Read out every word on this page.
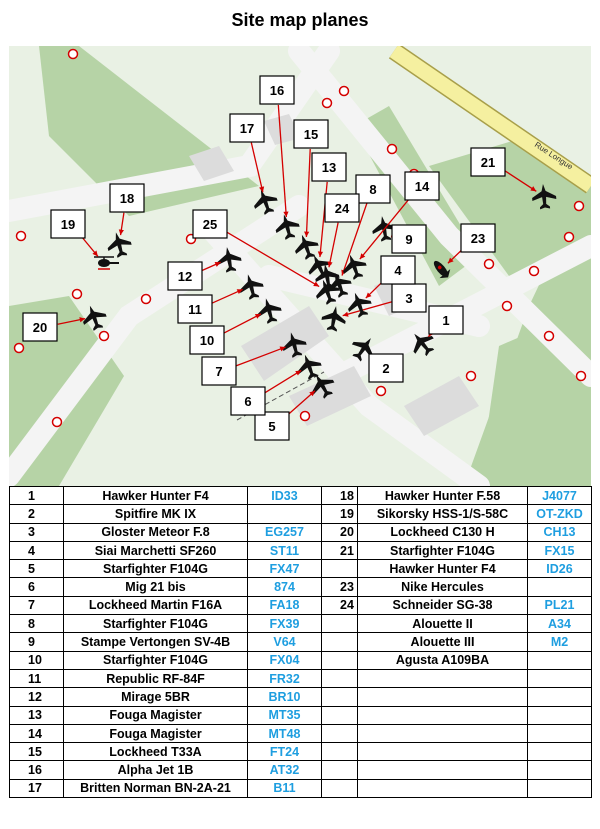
Site map planes
Rue Longue
1
2
3
4
5
6
7
8
9
10
11
12
13
14
15
16
17
18
19
20
21
23
24
25
1	Hawker Hunter F4	ID33	18	Hawker Hunter F.58	J4077
2	Spitfire MK IX		19	Sikorsky HSS-1/S-58C	OT-ZKD
3	Gloster Meteor F.8	EG257	20	Lockheed C130 H	CH13
4	Siai Marchetti SF260	ST11	21	Starfighter F104G	FX15
5	Starfighter F104G	FX47		Hawker Hunter F4	ID26
6	Mig 21 bis	874	23	Nike Hercules	
7	Lockheed Martin F16A	FA18	24	Schneider SG-38	PL21
8	Starfighter F104G	FX39		Alouette II	A34
9	Stampe Vertongen SV-4B	V64		Alouette III	M2
10	Starfighter F104G	FX04		Agusta A109BA	
11	Republic RF-84F	FR32			
12	Mirage 5BR	BR10			
13	Fouga Magister	MT35			
14	Fouga Magister	MT48			
15	Lockheed T33A	FT24			
16	Alpha Jet 1B	AT32			
17	Britten Norman BN-2A-21	B11			
